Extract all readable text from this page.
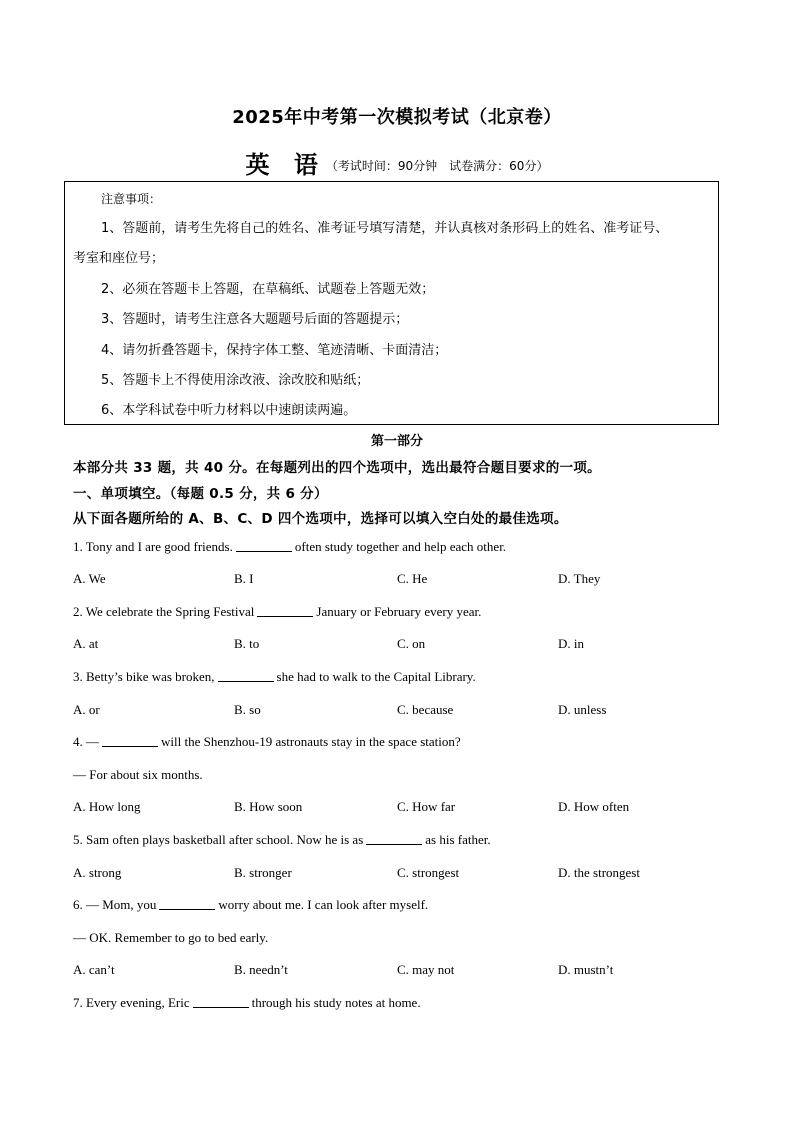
2025年中考第一次模拟考试（北京卷）
英 语（考试时间：90分钟　试卷满分：60分）
注意事项：
1、答题前，请考生先将自己的姓名、准考证号填写清楚，并认真核对条形码上的姓名、准考证号、
考室和座位号；
2、必须在答题卡上答题，在草稿纸、试题卷上答题无效；
3、答题时，请考生注意各大题题号后面的答题提示；
4、请勿折叠答题卡，保持字体工整、笔迹清晰、卡面清洁；
5、答题卡上不得使用涂改液、涂改胶和贴纸；
6、本学科试卷中听力材料以中速朗读两遍。
第一部分
本部分共 33 题，共 40 分。在每题列出的四个选项中，选出最符合题目要求的一项。
一、单项填空。（每题 0.5 分，共 6 分）
从下面各题所给的 A、B、C、D 四个选项中，选择可以填入空白处的最佳选项。
1. Tony and I are good friends.	often study together and help each other.
A. We	B. I	C. He	D. They
2. We celebrate the Spring Festival	January or February every year.
A. at	B. to	C. on	D. in
3. Betty’s bike was broken,	she had to walk to the Capital Library.
A. or	B. so	C. because	D. unless
4. —	will the Shenzhou-19 astronauts stay in the space station?
— For about six months.
A. How long	B. How soon	C. How far	D. How often
5. Sam often plays basketball after school. Now he is as	as his father.
A. strong	B. stronger	C. strongest	D. the strongest
6. — Mom, you	worry about me. I can look after myself.
— OK. Remember to go to bed early.
A. can’t	B. needn’t	C. may not	D. mustn’t
7. Every evening, Eric	through his study notes at home.
